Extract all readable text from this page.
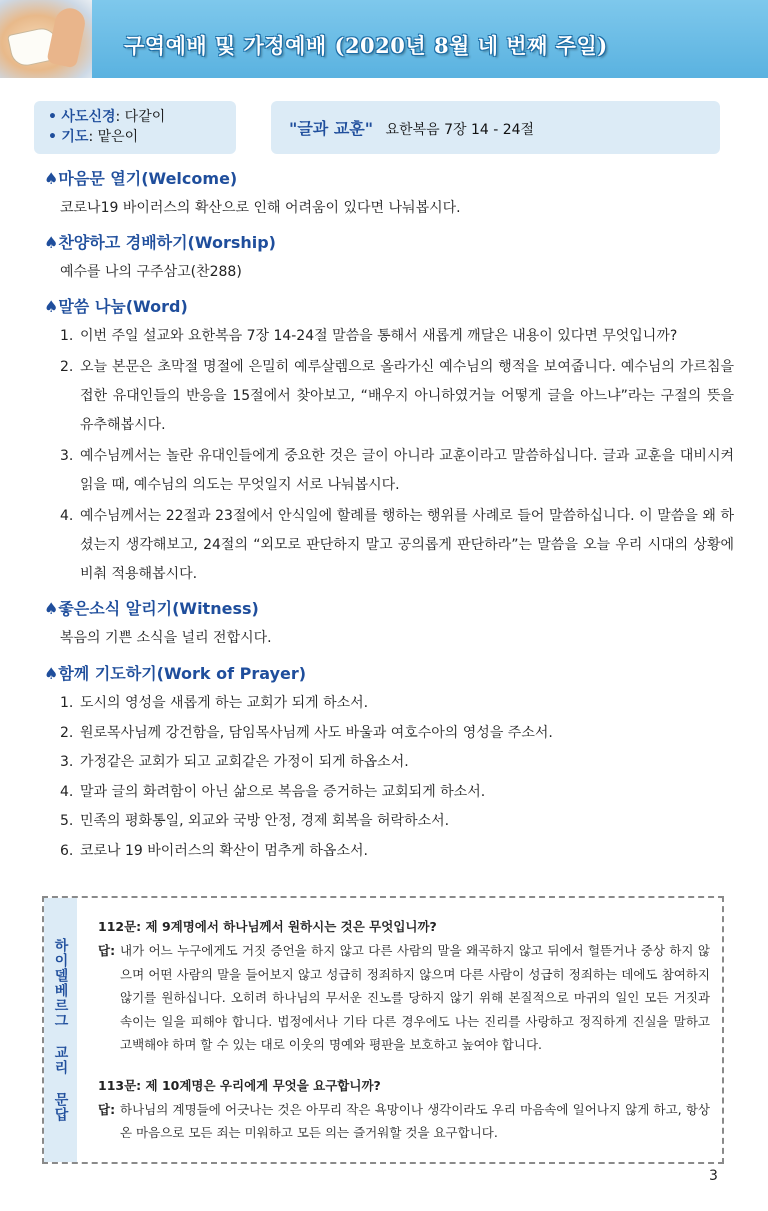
구역예배 및 가정예배 (2020년 8월 네 번째 주일)
• 사도신경: 다같이
• 기도: 맡은이	"글과 교훈" 요한복음 7장 14 - 24절
♠마음문 열기(Welcome)
코로나19 바이러스의 확산으로 인해 어려움이 있다면 나눠봅시다.
♠찬양하고 경배하기(Worship)
예수를 나의 구주삼고(찬288)
♠말씀 나눔(Word)
1. 이번 주일 설교와 요한복음 7장 14-24절 말씀을 통해서 새롭게 깨달은 내용이 있다면 무엇입니까?
2. 오늘 본문은 초막절 명절에 은밀히 예루살렘으로 올라가신 예수님의 행적을 보여줍니다. 예수님의 가르침을 접한 유대인들의 반응을 15절에서 찾아보고, “배우지 아니하였거늘 어떻게 글을 아느냐”라는 구절의 뜻을 유추해봅시다.
3. 예수님께서는 놀란 유대인들에게 중요한 것은 글이 아니라 교훈이라고 말씀하십니다. 글과 교훈을 대비시켜 읽을 때, 예수님의 의도는 무엇일지 서로 나눠봅시다.
4. 예수님께서는 22절과 23절에서 안식일에 할례를 행하는 행위를 사례로 들어 말씀하십니다. 이 말씀을 왜 하셨는지 생각해보고, 24절의 “외모로 판단하지 말고 공의롭게 판단하라”는 말씀을 오늘 우리 시대의 상황에 비춰 적용해봅시다.
♠좋은소식 알리기(Witness)
복음의 기쁜 소식을 널리 전합시다.
♠함께 기도하기(Work of Prayer)
1. 도시의 영성을 새롭게 하는 교회가 되게 하소서.
2. 원로목사님께 강건함을, 담임목사님께 사도 바울과 여호수아의 영성을 주소서.
3. 가정같은 교회가 되고 교회같은 가정이 되게 하옵소서.
4. 말과 글의 화려함이 아닌 삶으로 복음을 증거하는 교회되게 하소서.
5. 민족의 평화통일, 외교와 국방 안정, 경제 회복을 허락하소서.
6. 코로나 19 바이러스의 확산이 멈추게 하옵소서.
하이델베르그 교리 문답
112문: 제 9계명에서 하나님께서 원하시는 것은 무엇입니까?
답: 내가 어느 누구에게도 거짓 증언을 하지 않고 다른 사람의 말을 왜곡하지 않고 뒤에서 헐뜯거나 중상 하지 않으며 어떤 사람의 말을 들어보지 않고 성급히 정죄하지 않으며 다른 사람이 성급히 정죄하는 데에도 참여하지 않기를 원하십니다. 오히려 하나님의 무서운 진노를 당하지 않기 위해 본질적으로 마귀의 일인 모든 거짓과 속이는 일을 피해야 합니다. 법정에서나 기타 다른 경우에도 나는 진리를 사랑하고 정직하게 진실을 말하고 고백해야 하며 할 수 있는 대로 이웃의 명예와 평판을 보호하고 높여야 합니다.
113문: 제 10계명은 우리에게 무엇을 요구합니까?
답: 하나님의 계명들에 어긋나는 것은 아무리 작은 욕망이나 생각이라도 우리 마음속에 일어나지 않게 하고, 항상 온 마음으로 모든 죄는 미워하고 모든 의는 즐거워할 것을 요구합니다.
3
